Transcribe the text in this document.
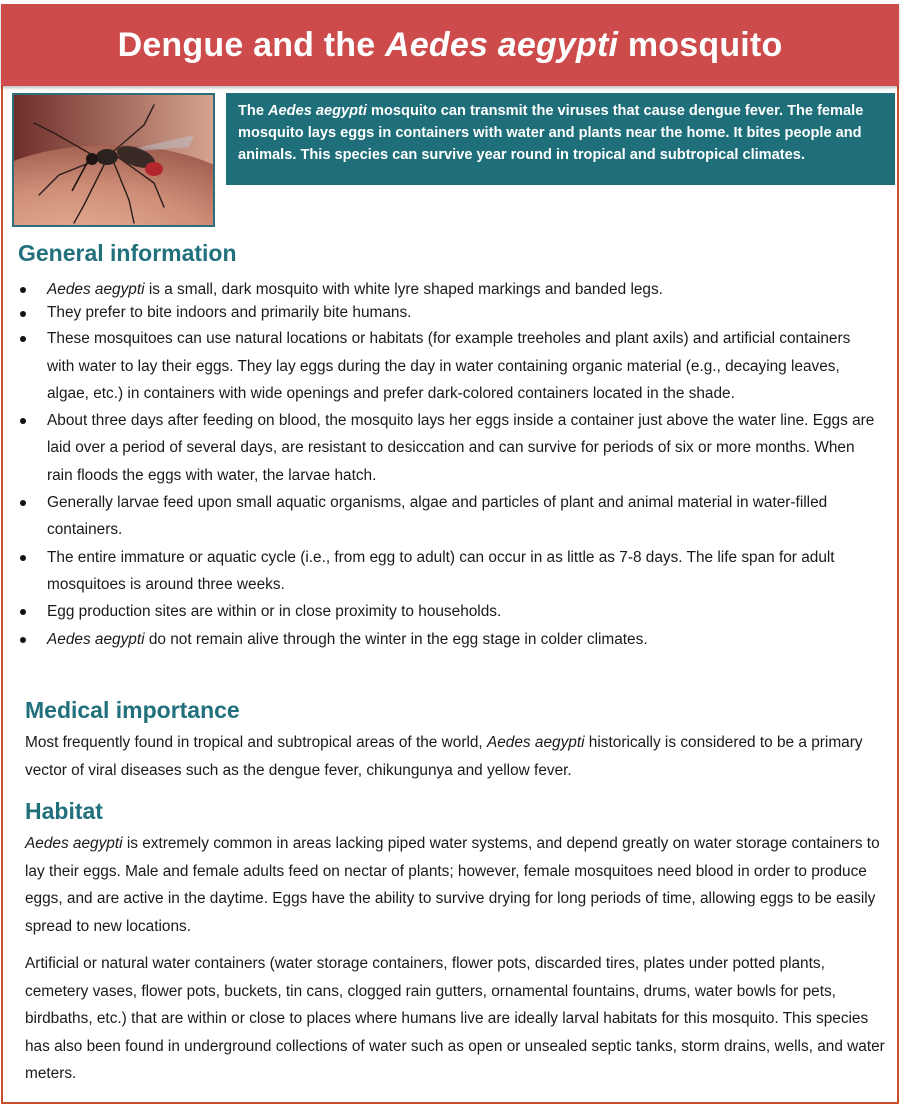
Dengue and the
Aedes aegypti
mosquito
The Aedes aegypti mosquito can transmit the viruses that cause dengue fever. The female mosquito lays eggs in containers with water and plants near the home. It bites people and animals. This species can survive year round in tropical and subtropical climates.
General information
Aedes aegypti is a small, dark mosquito with white lyre shaped markings and banded legs.
They prefer to bite indoors and primarily bite humans.
These mosquitoes can use natural locations or habitats (for example treeholes and plant axils) and artificial containers with water to lay their eggs. They lay eggs during the day in water containing organic material (e.g., decaying leaves, algae, etc.) in containers with wide openings and prefer dark-colored containers located in the shade.
About three days after feeding on blood, the mosquito lays her eggs inside a container just above the water line. Eggs are laid over a period of several days, are resistant to desiccation and can survive for periods of six or more months. When rain floods the eggs with water, the larvae hatch.
Generally larvae feed upon small aquatic organisms, algae and particles of plant and animal material in water-filled containers.
The entire immature or aquatic cycle (i.e., from egg to adult) can occur in as little as 7-8 days. The life span for adult mosquitoes is around three weeks.
Egg production sites are within or in close proximity to households.
Aedes aegypti do not remain alive through the winter in the egg stage in colder climates.
Medical importance

Most frequently found in tropical and subtropical areas of the world, Aedes aegypti historically is considered to be a primary vector of viral diseases such as the dengue fever, chikungunya and yellow fever.

Habitat

Aedes aegypti is extremely common in areas lacking piped water systems, and depend greatly on water storage containers to lay their eggs. Male and female adults feed on nectar of plants; however, female mosquitoes need blood in order to produce eggs, and are active in the daytime. Eggs have the ability to survive drying for long periods of time, allowing eggs to be easily spread to new locations.

Artificial or natural water containers (water storage containers, flower pots, discarded tires, plates under potted plants, cemetery vases, flower pots, buckets, tin cans, clogged rain gutters, ornamental fountains, drums, water bowls for pets, birdbaths, etc.) that are within or close to places where humans live are ideally larval habitats for this mosquito. This species has also been found in underground collections of water such as open or unsealed septic tanks, storm drains, wells, and water meters.
